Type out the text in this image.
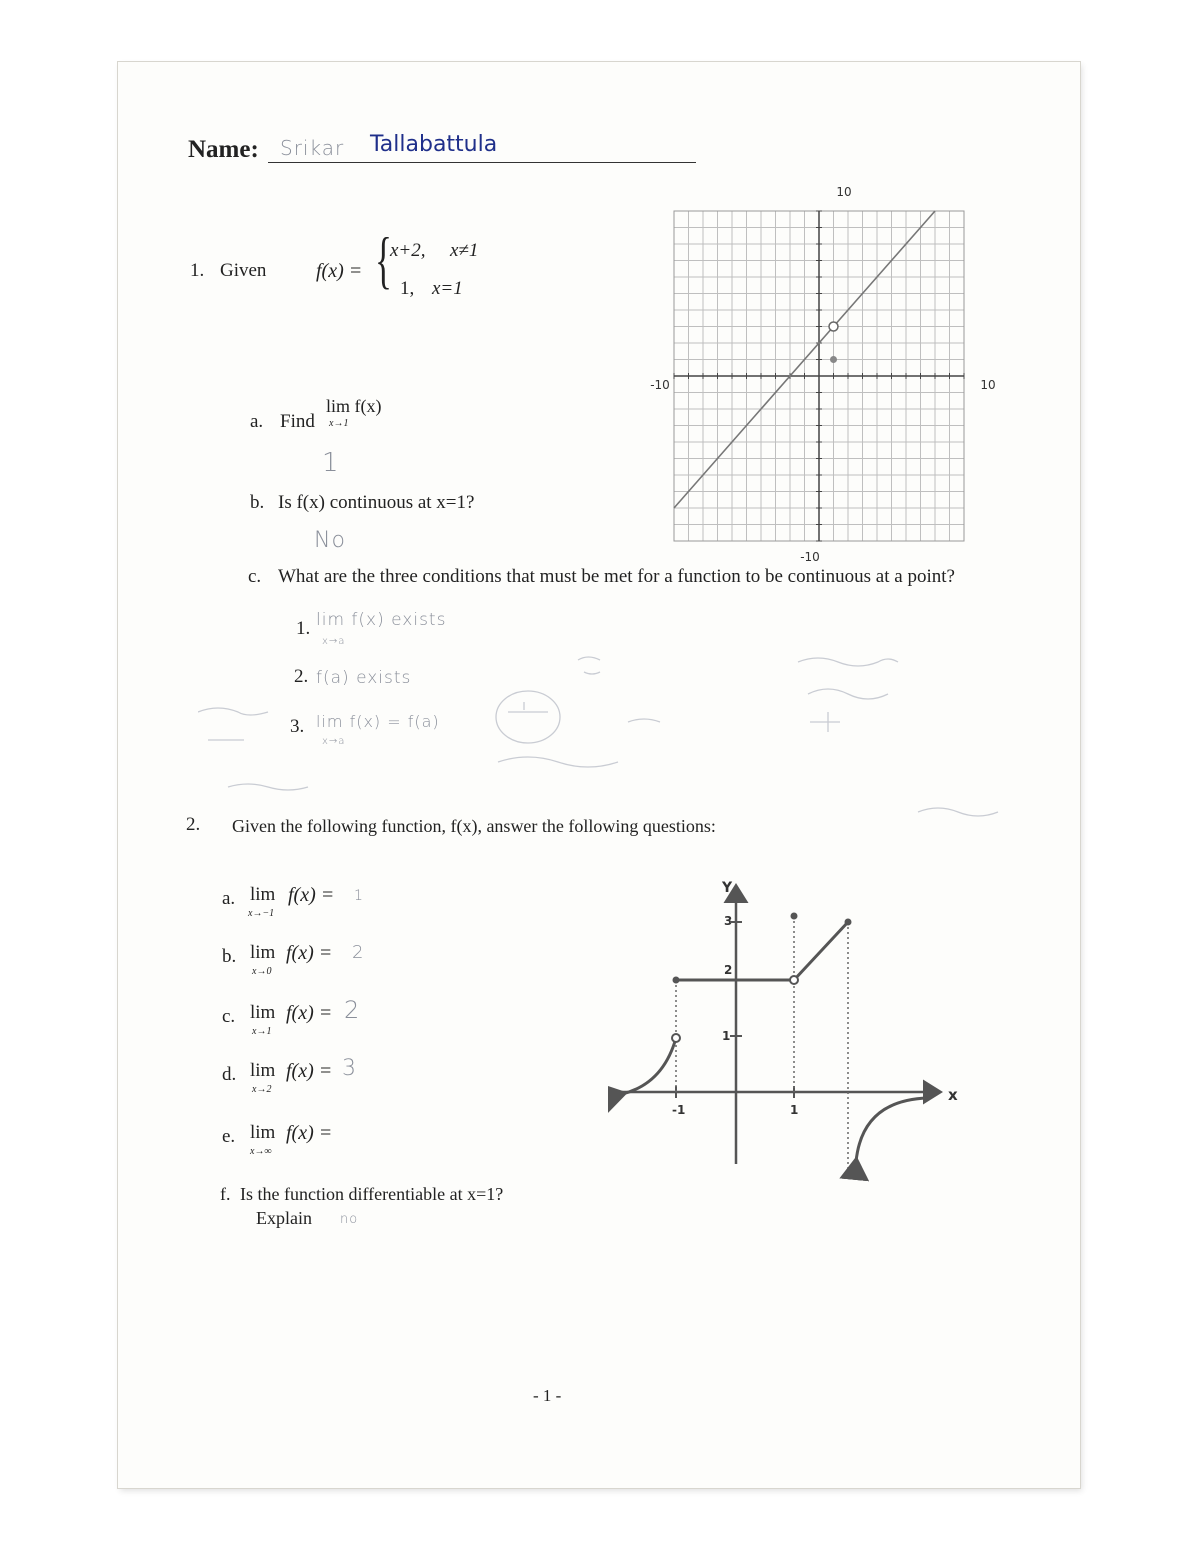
Name: Srikar Tallabattula
1. Given f(x) = {
x+2, x≠1
1, x=1
a. Find
lim f(x)
x→1
1
b. Is f(x) continuous at x=1?
No
10
-10
-10	10
c. What are the three conditions that must be met for a function to be continuous at a point?
1. lim f(x) exists
x→a
2. f(a) exists
3. lim f(x) = f(a)
x→a
2. Given the following function, f(x), answer the following questions:
a. lim
x→−1
f(x) = 1
b. lim
x→0
f(x) = 2
c. lim
x→1
f(x) = 2
d. lim
x→2
f(x) = 3
e. lim
x→∞
f(x) =
f. Is the function differentiable at x=1?
Explain no
Y
x
3
2
1
-1	1
- 1 -
